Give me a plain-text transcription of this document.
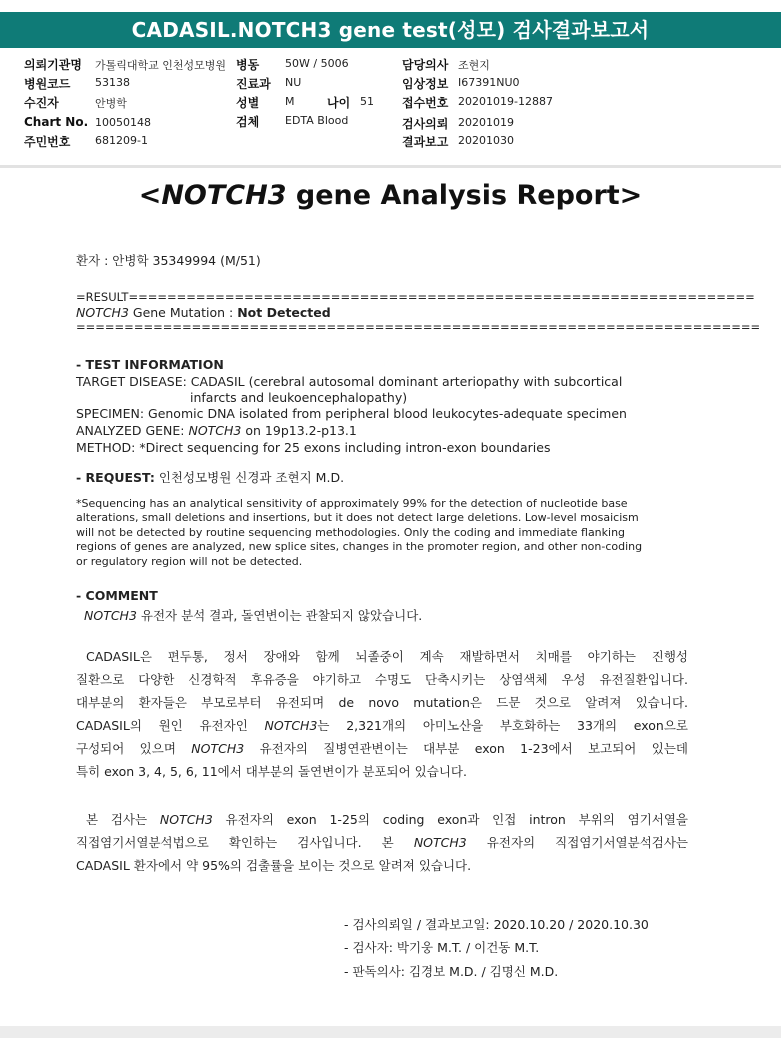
CADASIL.NOTCH3 gene test(성모) 검사결과보고서
의뢰기관명 가톨릭대학교 인천성모병원
병원코드 53138
수진자	안병학
Chart No. 10050148
주민번호 681209-1
병동 50W / 5006
진료과 NU
성별 M	나이 51
검체 EDTA Blood
담당의사 조현지
임상정보 I67391NU0
접수번호 20201019-12887
검사의뢰 20201019
결과보고 20201030
<NOTCH3 gene Analysis Report>
환자 : 안병학 35349994 (M/51)
=RESULT=================================================================
NOTCH3 Gene Mutation : Not Detected
=======================================================================
- TEST INFORMATION
TARGET DISEASE: CADASIL (cerebral autosomal dominant arteriopathy with subcortical
infarcts and leukoencephalopathy)
SPECIMEN: Genomic DNA isolated from peripheral blood leukocytes-adequate specimen
ANALYZED GENE: NOTCH3 on 19p13.2-p13.1
METHOD: *Direct sequencing for 25 exons including intron-exon boundaries
- REQUEST: 인천성모병원 신경과 조현지 M.D.
*Sequencing has an analytical sensitivity of approximately 99% for the detection of nucleotide base
alterations, small deletions and insertions, but it does not detect large deletions. Low-level mosaicism
will not be detected by routine sequencing methodologies. Only the coding and immediate flanking
regions of genes are analyzed, new splice sites, changes in the promoter region, and other non-coding
or regulatory region will not be detected.
- COMMENT
NOTCH3 유전자 분석 결과, 돌연변이는 관찰되지 않았습니다.
CADASIL은 편두통, 정서 장애와 함께 뇌졸중이 계속 재발하면서 치매를 야기하는 진행성
질환으로 다양한 신경학적 후유증을 야기하고 수명도 단축시키는 상염색체 우성 유전질환입니다.
대부분의 환자들은 부모로부터 유전되며 de novo mutation은 드문 것으로 알려져 있습니다.
CADASIL의 원인 유전자인 NOTCH3는 2,321개의 아미노산을 부호화하는 33개의 exon으로
구성되어 있으며 NOTCH3 유전자의 질병연관변이는 대부분 exon 1-23에서 보고되어 있는데
특히 exon 3, 4, 5, 6, 11에서 대부분의 돌연변이가 분포되어 있습니다.
본 검사는 NOTCH3 유전자의 exon 1-25의 coding exon과 인접 intron 부위의 염기서열을
직접염기서열분석법으로 확인하는 검사입니다. 본 NOTCH3 유전자의 직접염기서열분석검사는
CADASIL 환자에서 약 95%의 검출률을 보이는 것으로 알려져 있습니다.
- 검사의뢰일 / 결과보고일: 2020.10.20 / 2020.10.30
- 검사자: 박기웅 M.T. / 이건동 M.T.
- 판독의사: 김경보 M.D. / 김명신 M.D.
